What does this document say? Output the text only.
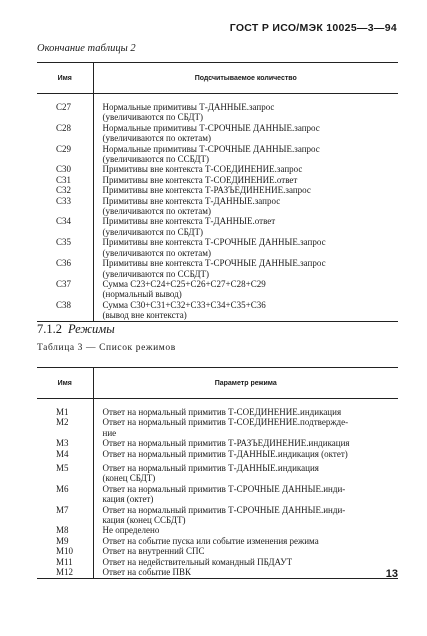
ГОСТ Р ИСО/МЭК 10025—3—94
Окончание таблицы 2
Имя	Подсчитываемое количество
C27	Нормальные примитивы Т-ДАННЫЕ.запрос
(увеличиваются по СБДТ)

C28	Нормальные примитивы Т-СРОЧНЫЕ ДАННЫЕ.запрос
(увеличиваются по октетам)

C29	Нормальные примитивы Т-СРОЧНЫЕ ДАННЫЕ.запрос
(увеличиваются по ССБДТ)

C30	Примитивы вне контекста Т-СОЕДИНЕНИЕ.запрос

C31	Примитивы вне контекста Т-СОЕДИНЕНИЕ.ответ

C32	Примитивы вне контекста Т-РАЗЪЕДИНЕНИЕ.запрос

C33	Примитивы вне контекста Т-ДАННЫЕ.запрос
(увеличиваются по октетам)

C34	Примитивы вне контекста Т-ДАННЫЕ.ответ
(увеличиваются по СБДТ)

C35	Примитивы вне контекста Т-СРОЧНЫЕ ДАННЫЕ.запрос
(увеличиваются по октетам)

C36	Примитивы вне контекста Т-СРОЧНЫЕ ДАННЫЕ.запрос
(увеличиваются по ССБДТ)

C37	Сумма C23+C24+C25+C26+C27+C28+C29
(нормальный вывод)

C38	Сумма C30+C31+C32+C33+C34+C35+C36
(вывод вне контекста)
7.1.2 Режимы
Таблица 3 — Список режимов
Имя	Параметр режима
M1	Ответ на нормальный примитив Т-СОЕДИНЕНИЕ.индикация

M2	Ответ на нормальный примитив Т-СОЕДИНЕНИЕ.подтвержде-
ние

M3	Ответ на нормальный примитив Т-РАЗЪЕДИНЕНИЕ.индикация

M4	Ответ на нормальный примитив Т-ДАННЫЕ.индикация (октет)

M5	Ответ на нормальный примитив Т-ДАННЫЕ.индикация
(конец СБДТ)

M6	Ответ на нормальный примитив Т-СРОЧНЫЕ ДАННЫЕ.инди-
кация (октет)

M7	Ответ на нормальный примитив Т-СРОЧНЫЕ ДАННЫЕ.инди-
кация (конец ССБДТ)

M8	Не определено

M9	Ответ на событие пуска или событие изменения режима

M10	Ответ на внутренний СПС

M11	Ответ на недействительный командный ПБДАУТ

M12	Ответ на событие ПВК	13
